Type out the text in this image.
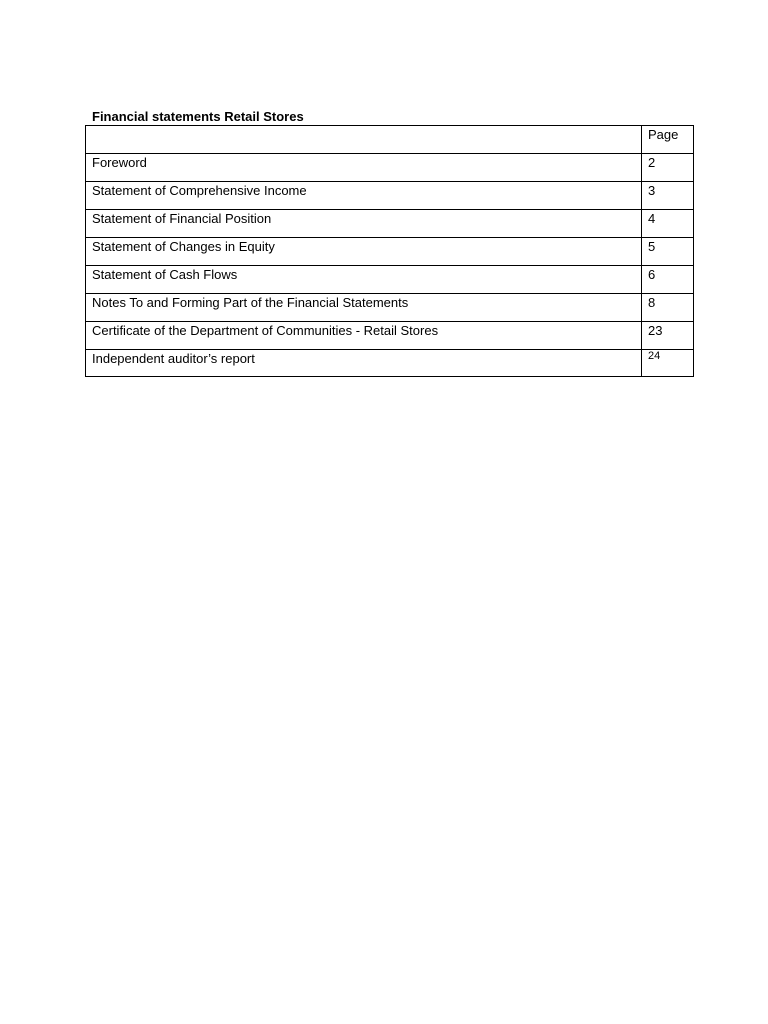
Financial statements Retail Stores
	Page
Foreword	2
Statement of Comprehensive Income	3
Statement of Financial Position	4
Statement of Changes in Equity	5
Statement of Cash Flows	6
Notes To and Forming Part of the Financial Statements	8
Certificate of the Department of Communities - Retail Stores	23
Independent auditor’s report	24
